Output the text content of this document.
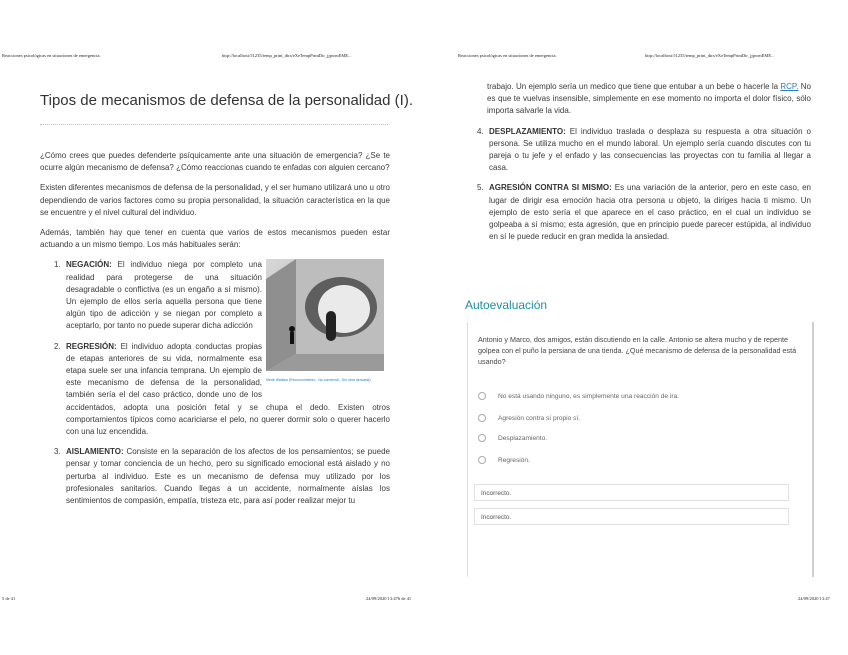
Reacciones psicológicas en situaciones de emergencia.	http://localhost:51235/temp_print_dirs/eXeTempPrintDir_jjpwmEME...	Reacciones psicológicas en situaciones de emergencia.	http://localhost:51235/temp_print_dirs/eXeTempPrintDir_jjpwmEME...
Tipos de mecanismos de defensa de la personalidad (I).

¿Cómo crees que puedes defenderte psíquicamente ante una situación de emergencia? ¿Se te ocurre algún mecanismo de defensa? ¿Cómo reaccionas cuando te enfadas con alguien cercano?

Existen diferentes mecanismos de defensa de la personalidad, y el ser humano utilizará uno u otro dependiendo de varios factores como su propia personalidad, la situación característica en la que se encuentre y el nivel cultural del individuo.

Además, también hay que tener en cuenta que varios de estos mecanismos pueden estar actuando a un mismo tiempo. Los más habituales serán:

Merle Watkins (Reconocimiento - No comercial - Sin obra derivada)
1. NEGACIÓN: El individuo niega por completo una realidad para protegerse de una situación desagradable o conflictiva (es un engaño a sí mismo). Un ejemplo de ellos sería aquella persona que tiene algún tipo de adicción y se niegan por completo a aceptarlo, por tanto no puede superar dicha adicción
2. REGRESIÓN: El individuo adopta conductas propias de etapas anteriores de su vida, normalmente esa etapa suele ser una infancia temprana. Un ejemplo de este mecanismo de defensa de la personalidad, también sería el del caso práctico, donde uno de los accidentados, adopta una posición fetal y se chupa el dedo. Existen otros comportamientos típicos como acariciarse el pelo, no querer dormir solo o querer hacerlo con una luz encendida.
3. AISLAMIENTO: Consiste en la separación de los afectos de los pensamientos; se puede pensar y tomar conciencia de un hecho, pero su significado emocional está aislado y no perturba al individuo. Este es un mecanismo de defensa muy utilizado por los profesionales sanitarios. Cuando llegas a un accidente, normalmente aíslas los sentimientos de compasión, empatía, tristeza etc, para así poder realizar mejor tu

trabajo. Un ejemplo sería un medico que tiene que entubar a un bebe o hacerle la RCP. No es que te vuelvas insensible, simplemente en ese momento no importa el dolor físico, sólo importa salvarle la vida.

4. DESPLAZAMIENTO: El individuo traslada o desplaza su respuesta a otra situación o persona. Se utiliza mucho en el mundo laboral. Un ejemplo sería cuando discutes con tu pareja o tu jefe y el enfado y las consecuencias las proyectas con tu familia al llegar a casa.
5. AGRESIÓN CONTRA SI MISMO: Es una variación de la anterior, pero en este caso, en lugar de dirigir esa emoción hacia otra persona u objeto, la diriges hacia ti mismo. Un ejemplo de esto sería el que aparece en el caso práctico, en el cual un individuo se golpeaba a sí mismo; esta agresión, que en principio puede parecer estúpida, al individuo en sí le puede reducir en gran medida la ansiedad.
Autoevaluación
Antonio y Marco, dos amigos, están discutiendo en la calle. Antonio se altera mucho y de repente golpea con el puño la persiana de una tienda. ¿Qué mecanismo de defensa de la personalidad está usando?
No está usando ninguno, es simplemente una reacción de ira.
Agresión contra sí propio sí.
Desplazamiento.
Regresión.
Incorrecto.
Incorrecto.
5 de 41	24/09/2020 13:476 de 41	24/09/2020 13:47
